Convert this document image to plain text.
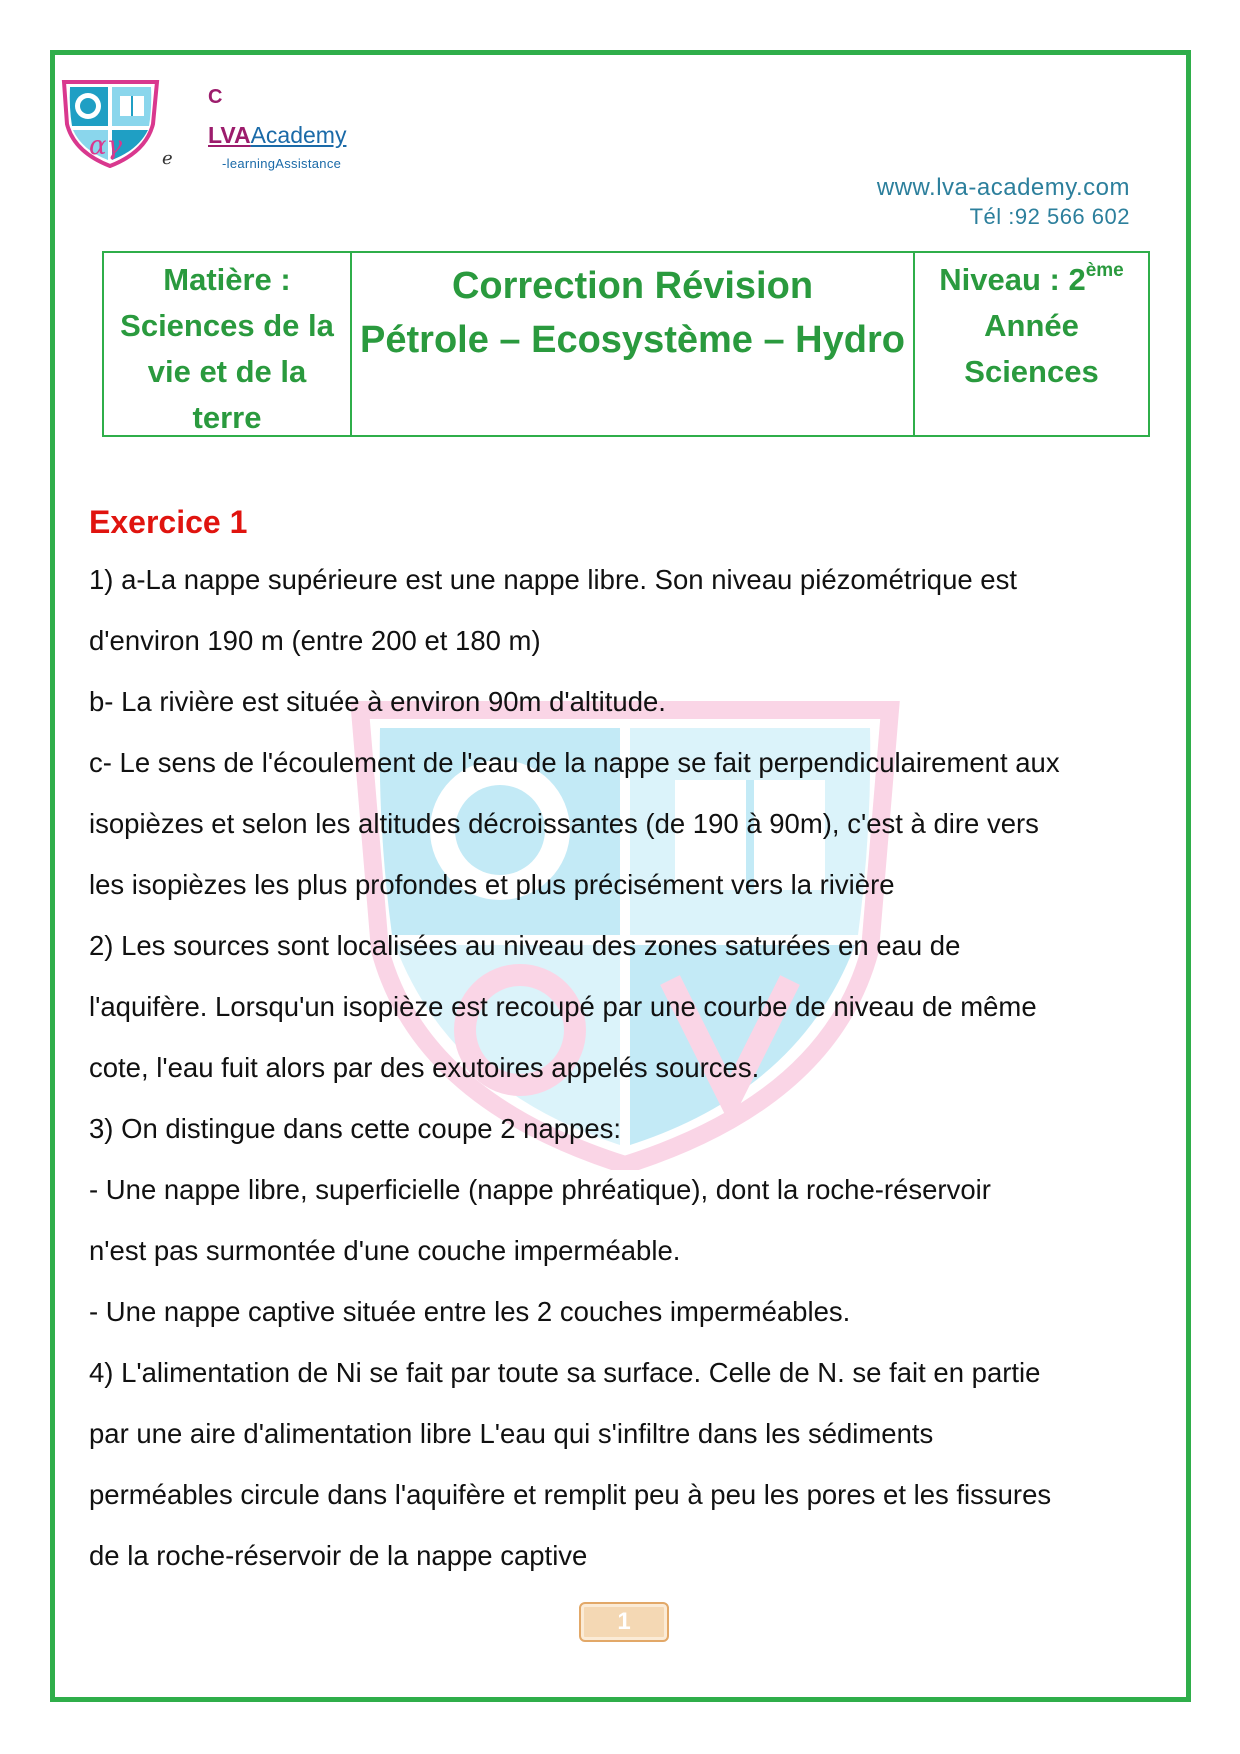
αγ e
C
LVAAcademy
-learningAssistance
www.lva-academy.com
Tél :92 566 602
Matière :
Sciences de la
vie et de la
terre
Correction Révision
Pétrole – Ecosystème – Hydro
Niveau : 2ème
Année
Sciences
Exercice 1
1) a-La nappe supérieure est une nappe libre. Son niveau piézométrique est
d'environ 190 m (entre 200 et 180 m)
b- La rivière est située à environ 90m d'altitude.
c- Le sens de l'écoulement de l'eau de la nappe se fait perpendiculairement aux
isopièzes et selon les altitudes décroissantes (de 190 à 90m), c'est à dire vers
les isopièzes les plus profondes et plus précisément vers la rivière
2) Les sources sont localisées au niveau des zones saturées en eau de
l'aquifère. Lorsqu'un isopièze est recoupé par une courbe de niveau de même
cote, l'eau fuit alors par des exutoires appelés sources.
3) On distingue dans cette coupe 2 nappes:
- Une nappe libre, superficielle (nappe phréatique), dont la roche-réservoir
n'est pas surmontée d'une couche imperméable.
- Une nappe captive située entre les 2 couches imperméables.
4) L'alimentation de Ni se fait par toute sa surface. Celle de N. se fait en partie
par une aire d'alimentation libre L'eau qui s'infiltre dans les sédiments
perméables circule dans l'aquifère et remplit peu à peu les pores et les fissures
de la roche-réservoir de la nappe captive
1
